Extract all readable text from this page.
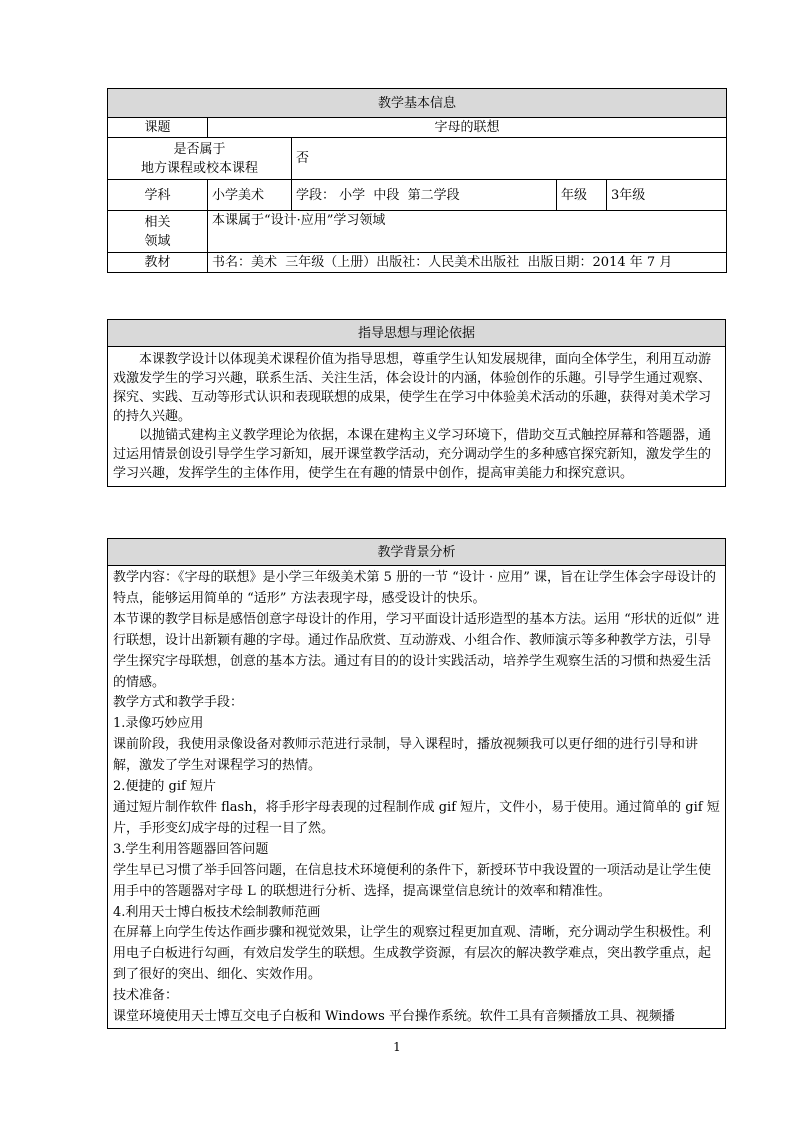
教学基本信息				
课题	字母的联想			

是否属于
地方课程或校本课程		否		
学科	小学美术	学段： 小学  中段  第二学段	年级	3年级

相关
领域	本课属于“设计·应用”学习领域			
教材	书名：美术  三年级（上册）出版社：人民美术出版社  出版日期：2014 年 7 月			
指导思想与理论依据

本课教学设计以体现美术课程价值为指导思想，尊重学生认知发展规律，面向全体学生，利用互动游戏激发学生的学习兴趣，联系生活、关注生活，体会设计的内涵，体验创作的乐趣。引导学生通过观察、探究、实践、互动等形式认识和表现联想的成果，使学生在学习中体验美术活动的乐趣，获得对美术学习的持久兴趣。

以抛锚式建构主义教学理论为依据，本课在建构主义学习环境下，借助交互式触控屏幕和答题器，通过运用情景创设引导学生学习新知，展开课堂教学活动，充分调动学生的多种感官探究新知，激发学生的学习兴趣，发挥学生的主体作用，使学生在有趣的情景中创作，提高审美能力和探究意识。

教学背景分析

教学内容：《字母的联想》是小学三年级美术第 5 册的一节 “设计 · 应用” 课，旨在让学生体会字母设计的特点，能够运用简单的 “适形” 方法表现字母，感受设计的快乐。

本节课的教学目标是感悟创意字母设计的作用，学习平面设计适形造型的基本方法。运用 “形状的近似” 进行联想，设计出新颖有趣的字母。通过作品欣赏、互动游戏、小组合作、教师演示等多种教学方法，引导学生探究字母联想，创意的基本方法。通过有目的的设计实践活动，培养学生观察生活的习惯和热爱生活的情感。

教学方式和教学手段：

1.录像巧妙应用

课前阶段，我使用录像设备对教师示范进行录制，导入课程时，播放视频我可以更仔细的进行引导和讲解，激发了学生对课程学习的热情。

2.便捷的 gif 短片

通过短片制作软件 flash，将手形字母表现的过程制作成 gif 短片，文件小，易于使用。通过简单的 gif 短片，手形变幻成字母的过程一目了然。

3.学生利用答题器回答问题

学生早已习惯了举手回答问题，在信息技术环境便利的条件下，新授环节中我设置的一项活动是让学生使用手中的答题器对字母 L 的联想进行分析、选择，提高课堂信息统计的效率和精准性。

4.利用天士博白板技术绘制教师范画

在屏幕上向学生传达作画步骤和视觉效果，让学生的观察过程更加直观、清晰，充分调动学生积极性。利用电子白板进行勾画，有效启发学生的联想。生成教学资源，有层次的解决教学难点，突出教学重点，起到了很好的突出、细化、实效作用。

技术准备：

课堂环境使用天士博互交电子白板和 Windows 平台操作系统。软件工具有音频播放工具、视频播

1
